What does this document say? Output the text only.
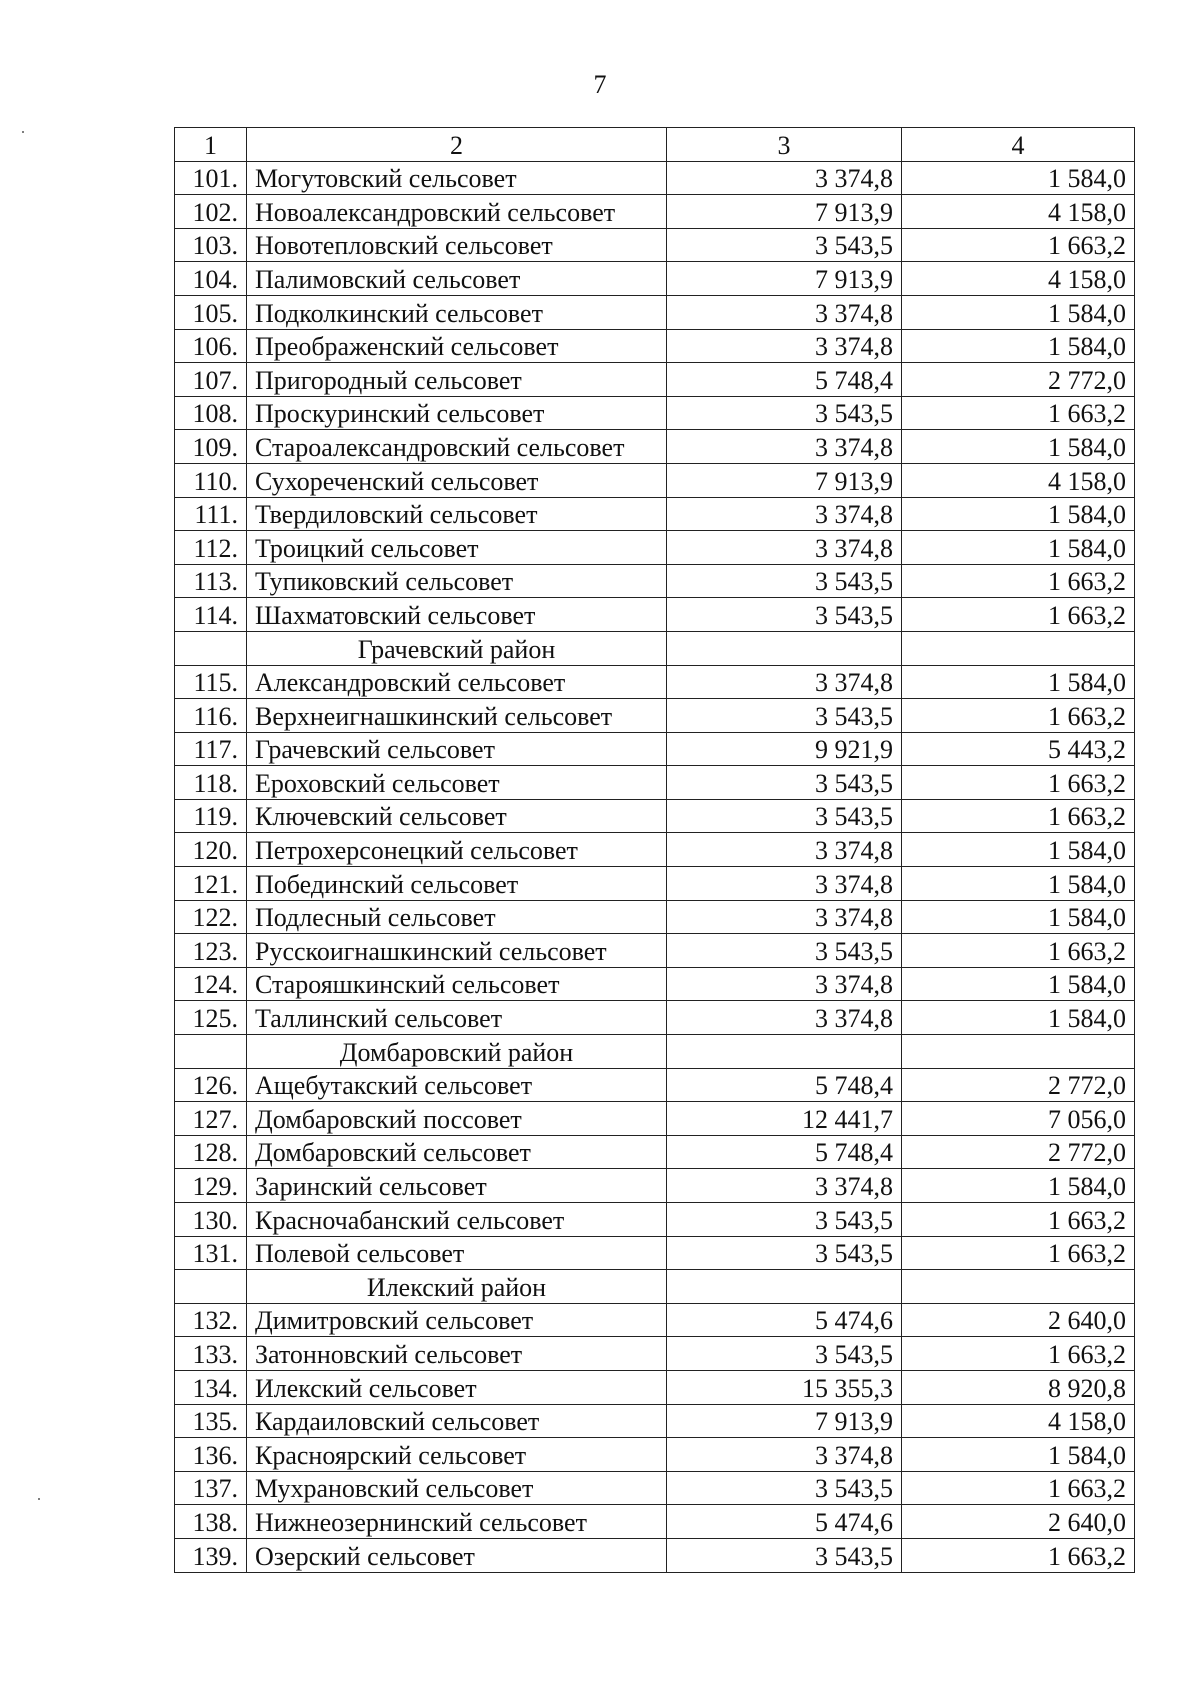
7
1	2	3	4
101.	Могутовский сельсовет	3 374,8	1 584,0
102.	Новоалександровский сельсовет	7 913,9	4 158,0
103.	Новотепловский сельсовет	3 543,5	1 663,2
104.	Палимовский сельсовет	7 913,9	4 158,0
105.	Подколкинский сельсовет	3 374,8	1 584,0
106.	Преображенский сельсовет	3 374,8	1 584,0
107.	Пригородный сельсовет	5 748,4	2 772,0
108.	Проскуринский сельсовет	3 543,5	1 663,2
109.	Староалександровский сельсовет	3 374,8	1 584,0
110.	Сухореченский сельсовет	7 913,9	4 158,0
111.	Твердиловский сельсовет	3 374,8	1 584,0
112.	Троицкий сельсовет	3 374,8	1 584,0
113.	Тупиковский сельсовет	3 543,5	1 663,2
114.	Шахматовский сельсовет	3 543,5	1 663,2
	Грачевский район		
115.	Александровский сельсовет	3 374,8	1 584,0
116.	Верхнеигнашкинский сельсовет	3 543,5	1 663,2
117.	Грачевский сельсовет	9 921,9	5 443,2
118.	Ероховский сельсовет	3 543,5	1 663,2
119.	Ключевский сельсовет	3 543,5	1 663,2
120.	Петрохерсонецкий сельсовет	3 374,8	1 584,0
121.	Побединский сельсовет	3 374,8	1 584,0
122.	Подлесный сельсовет	3 374,8	1 584,0
123.	Русскоигнашкинский сельсовет	3 543,5	1 663,2
124.	Старояшкинский сельсовет	3 374,8	1 584,0
125.	Таллинский сельсовет	3 374,8	1 584,0
	Домбаровский район		
126.	Ащебутакский сельсовет	5 748,4	2 772,0
127.	Домбаровский поссовет	12 441,7	7 056,0
128.	Домбаровский сельсовет	5 748,4	2 772,0
129.	Заринский сельсовет	3 374,8	1 584,0
130.	Красночабанский сельсовет	3 543,5	1 663,2
131.	Полевой сельсовет	3 543,5	1 663,2
	Илекский район		
132.	Димитровский сельсовет	5 474,6	2 640,0
133.	Затонновский сельсовет	3 543,5	1 663,2
134.	Илекский сельсовет	15 355,3	8 920,8
135.	Кардаиловский сельсовет	7 913,9	4 158,0
136.	Красноярский сельсовет	3 374,8	1 584,0
137.	Мухрановский сельсовет	3 543,5	1 663,2
138.	Нижнеозернинский сельсовет	5 474,6	2 640,0
139.	Озерский сельсовет	3 543,5	1 663,2
